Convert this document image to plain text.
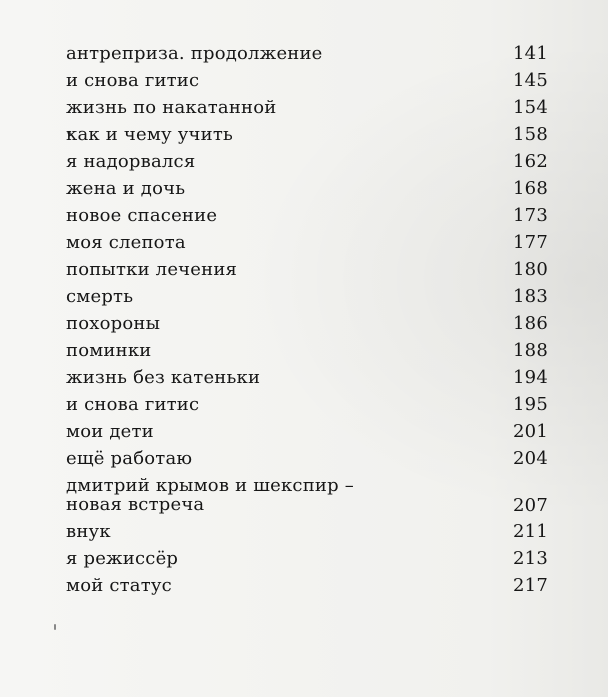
антреприза. продолжение	141
и снова гитис	145
жизнь по накатанной	154
как и чему учить	158
я надорвался	162
жена и дочь	168
новое спасение	173
моя слепота	177
попытки лечения	180
смерть	183
похороны	186
поминки	188
жизнь без катеньки	194
и снова гитис	195
мои дети	201
ещё работаю	204
дмитрий крымов и шекспир –
новая встреча	207
внук	211
я режиссёр	213
мой статус	217
